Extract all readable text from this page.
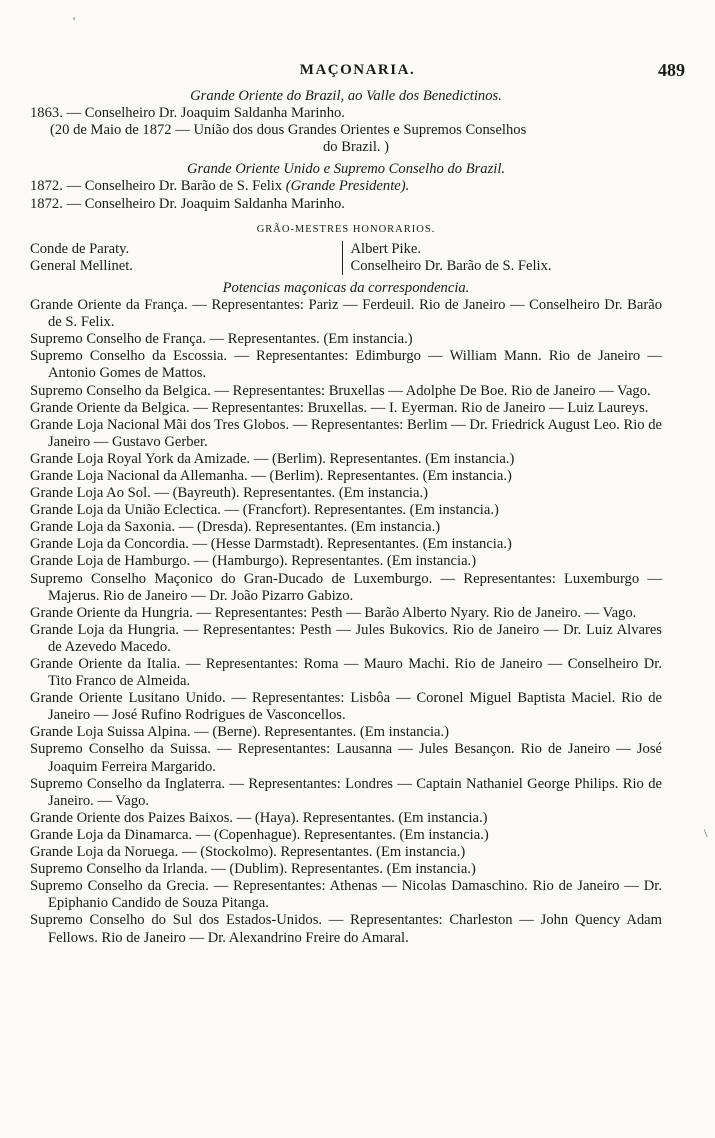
MAÇONARIA.	489
Grande Oriente do Brazil, ao Valle dos Benedictinos.
1863. — Conselheiro Dr. Joaquim Saldanha Marinho.
(20 de Maio de 1872 — União dos dous Grandes Orientes e Supremos Conselhos
do Brazil. )
Grande Oriente Unido e Supremo Conselho do Brazil.
1872. — Conselheiro Dr. Barão de S. Felix (Grande Presidente).
1872. — Conselheiro Dr. Joaquim Saldanha Marinho.
GRÃO-MESTRES HONORARIOS.
Conde de Paraty.
General Mellinet.
Albert Pike.
Conselheiro Dr. Barão de S. Felix.
Potencias maçonicas da correspondencia.
Grande Oriente da França. — Representantes: Pariz — Ferdeuil. Rio de Janeiro — Conselheiro Dr. Barão de S. Felix.
Supremo Conselho de França. — Representantes. (Em instancia.)
Supremo Conselho da Escossia. — Representantes: Edimburgo — William Mann. Rio de Janeiro — Antonio Gomes de Mattos.
Supremo Conselho da Belgica. — Representantes: Bruxellas — Adolphe De Boe. Rio de Janeiro — Vago.
Grande Oriente da Belgica. — Representantes: Bruxellas. — I. Eyerman. Rio de Janeiro — Luiz Laureys.
Grande Loja Nacional Mãi dos Tres Globos. — Representantes: Berlim — Dr. Friedrick August Leo. Rio de Janeiro — Gustavo Gerber.
Grande Loja Royal York da Amizade. — (Berlim). Representantes. (Em instancia.)
Grande Loja Nacional da Allemanha. — (Berlim). Representantes. (Em instancia.)
Grande Loja Ao Sol. — (Bayreuth). Representantes. (Em instancia.)
Grande Loja da União Eclectica. — (Francfort). Representantes. (Em instancia.)
Grande Loja da Saxonia. — (Dresda). Representantes. (Em instancia.)
Grande Loja da Concordia. — (Hesse Darmstadt). Representantes. (Em instancia.)
Grande Loja de Hamburgo. — (Hamburgo). Representantes. (Em instancia.)
Supremo Conselho Maçonico do Gran-Ducado de Luxemburgo. — Representantes: Luxemburgo — Majerus. Rio de Janeiro — Dr. João Pizarro Gabizo.
Grande Oriente da Hungria. — Representantes: Pesth — Barão Alberto Nyary. Rio de Janeiro. — Vago.
Grande Loja da Hungria. — Representantes: Pesth — Jules Bukovics. Rio de Janeiro — Dr. Luiz Alvares de Azevedo Macedo.
Grande Oriente da Italia. — Representantes: Roma — Mauro Machi. Rio de Janeiro — Conselheiro Dr. Tito Franco de Almeida.
Grande Oriente Lusitano Unido. — Representantes: Lisbôa — Coronel Miguel Baptista Maciel. Rio de Janeiro — José Rufino Rodrigues de Vasconcellos.
Grande Loja Suissa Alpina. — (Berne). Representantes. (Em instancia.)
Supremo Conselho da Suissa. — Representantes: Lausanna — Jules Besançon. Rio de Janeiro — José Joaquim Ferreira Margarido.
Supremo Conselho da Inglaterra. — Representantes: Londres — Captain Nathaniel George Philips. Rio de Janeiro. — Vago.
Grande Oriente dos Paizes Baixos. — (Haya). Representantes. (Em instancia.)
Grande Loja da Dinamarca. — (Copenhague). Representantes. (Em instancia.)
Grande Loja da Noruega. — (Stockolmo). Representantes. (Em instancia.)
Supremo Conselho da Irlanda. — (Dublim). Representantes. (Em instancia.)
Supremo Conselho da Grecia. — Representantes: Athenas — Nicolas Damaschino. Rio de Janeiro — Dr. Epiphanio Candido de Souza Pitanga.
Supremo Conselho do Sul dos Estados-Unidos. — Representantes: Charleston — John Quency Adam Fellows. Rio de Janeiro — Dr. Alexandrino Freire do Amaral.
'
\
